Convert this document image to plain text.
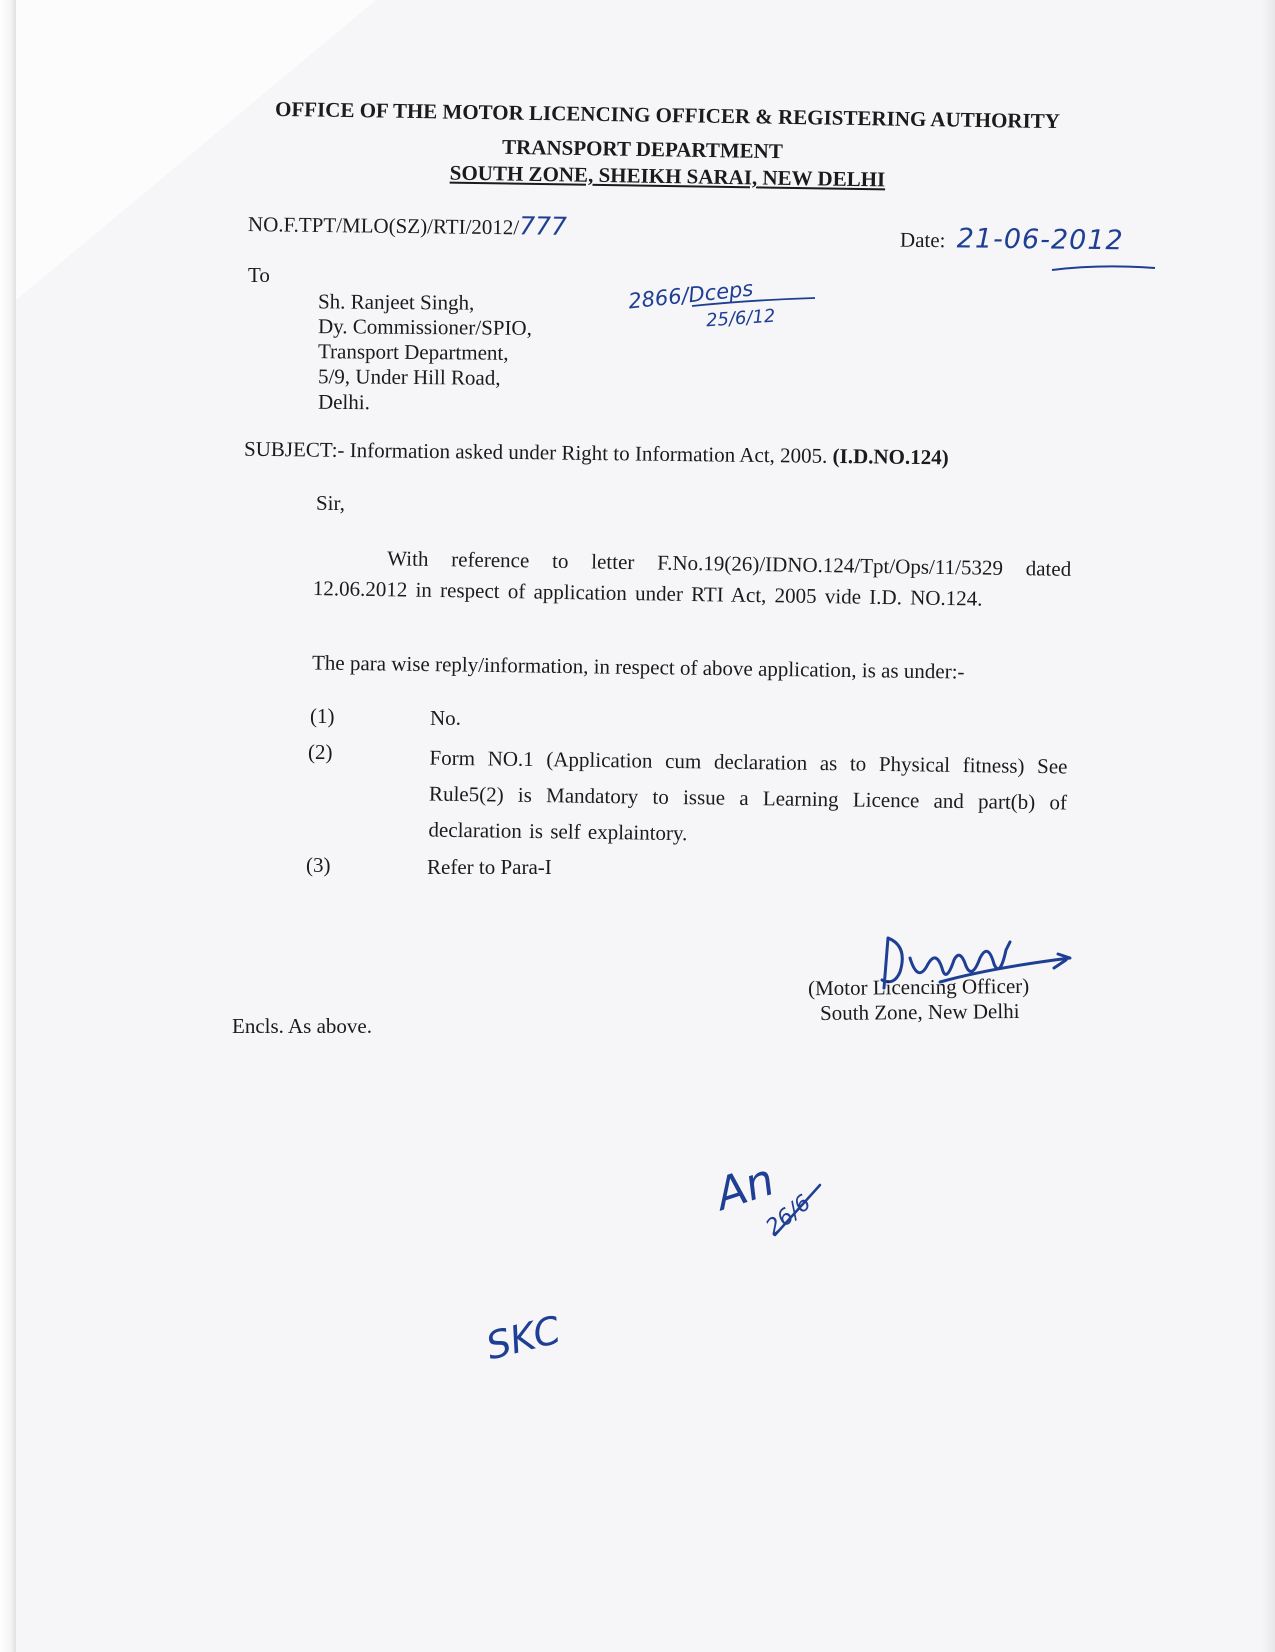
OFFICE OF THE MOTOR LICENCING OFFICER & REGISTERING AUTHORITY
TRANSPORT DEPARTMENT
SOUTH ZONE, SHEIKH SARAI, NEW DELHI
NO.F.TPT/MLO(SZ)/RTI/2012/777	Date: 21-06-2012
To
Sh. Ranjeet Singh,
Dy. Commissioner/SPIO,
Transport Department,
5/9, Under Hill Road,
Delhi.
2866/Dceps
25/6/12
SUBJECT:- Information asked under Right to Information Act, 2005. (I.D.NO.124)
Sir,
With reference to letter F.No.19(26)/IDNO.124/Tpt/Ops/11/5329 dated 12.06.2012 in respect of application under RTI Act, 2005 vide I.D. NO.124.
The para wise reply/information, in respect of above application, is as under:-
(1)	No.
(2)	Form NO.1 (Application cum declaration as to Physical fitness) See Rule5(2) is Mandatory to issue a Learning Licence and part(b) of declaration is self explaintory.
(3)	Refer to Para-I
(Motor Licencing Officer)
South Zone, New Delhi
Encls. As above.
An
26/6
SKC
